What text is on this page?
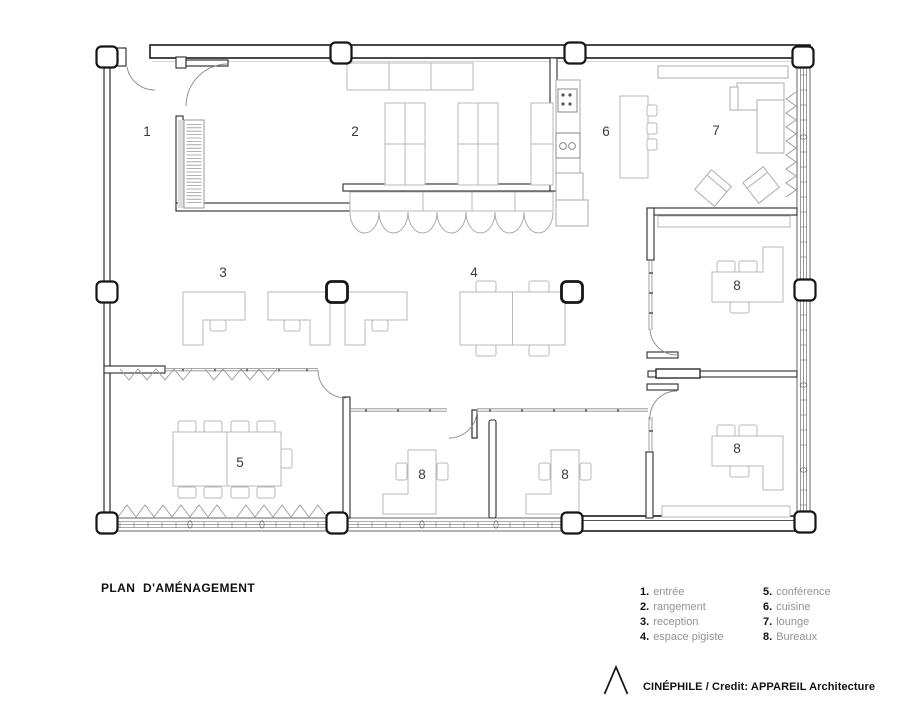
1	2	6	7
3	4
5
8	8
8
8
PLAN D'AMÉNAGEMENT	1. entrée
2. rangement
3. reception
4. espace pigiste
5. conférence
6. cuisine
7. lounge
8. Bureaux
CINÉPHILE / Credit: APPAREIL Architecture
